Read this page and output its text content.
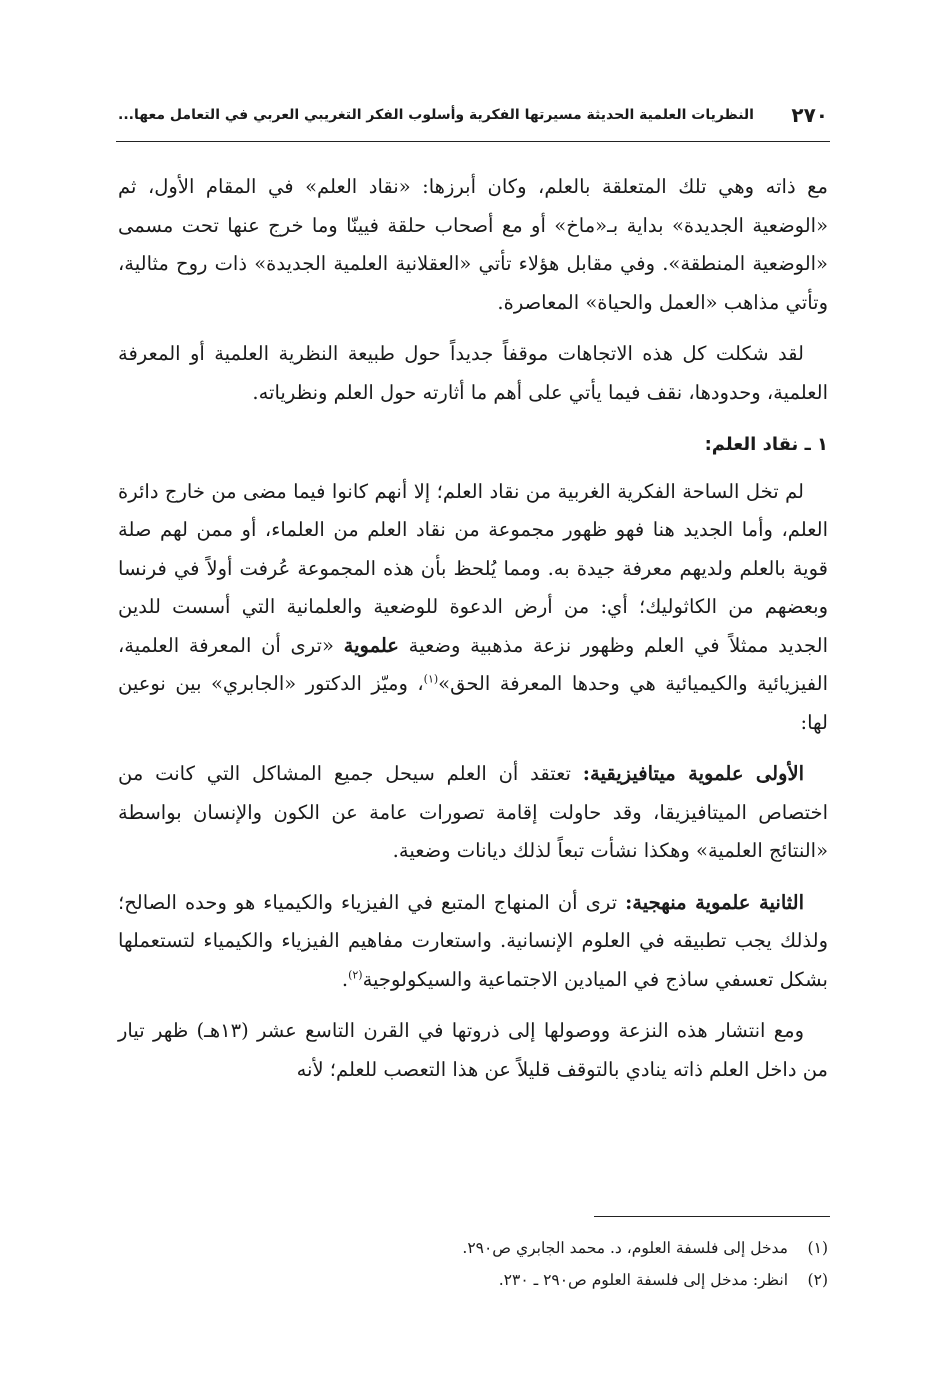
٢٧٠
النظريات العلمية الحديثة مسيرتها الفكرية وأسلوب الفكر التغريبي العربي في التعامل معها...

مع ذاته وهي تلك المتعلقة بالعلم، وكان أبرزها: «نقاد العلم» في المقام الأول، ثم «الوضعية الجديدة» بداية بـ«ماخ» أو مع أصحاب حلقة فيينّا وما خرج عنها تحت مسمى «الوضعية المنطقة». وفي مقابل هؤلاء تأتي «العقلانية العلمية الجديدة» ذات روح مثالية، وتأتي مذاهب «العمل والحياة» المعاصرة.

لقد شكلت كل هذه الاتجاهات موقفاً جديداً حول طبيعة النظرية العلمية أو المعرفة العلمية، وحدودها، نقف فيما يأتي على أهم ما أثارته حول العلم ونظرياته.

١ ـ نقاد العلم:

لم تخل الساحة الفكرية الغربية من نقاد العلم؛ إلا أنهم كانوا فيما مضى من خارج دائرة العلم، وأما الجديد هنا فهو ظهور مجموعة من نقاد العلم من العلماء، أو ممن لهم صلة قوية بالعلم ولديهم معرفة جيدة به. ومما يُلحظ بأن هذه المجموعة عُرفت أولاً في فرنسا وبعضهم من الكاثوليك؛ أي: من أرض الدعوة للوضعية والعلمانية التي أسست للدين الجديد ممثلاً في العلم وظهور نزعة مذهبية وضعية علموية «ترى أن المعرفة العلمية، الفيزيائية والكيميائية هي وحدها المعرفة الحق»$^{(١)}$، وميّز الدكتور «الجابري» بين نوعين لها:

الأولى علموية ميتافيزيقية: تعتقد أن العلم سيحل جميع المشاكل التي كانت من اختصاص الميتافيزيقا، وقد حاولت إقامة تصورات عامة عن الكون والإنسان بواسطة «النتائج العلمية» وهكذا نشأت تبعاً لذلك ديانات وضعية.

الثانية علموية منهجية: ترى أن المنهاج المتبع في الفيزياء والكيمياء هو وحده الصالح؛ ولذلك يجب تطبيقه في العلوم الإنسانية. واستعارت مفاهيم الفيزياء والكيمياء لتستعملها بشكل تعسفي ساذج في الميادين الاجتماعية والسيكولوجية$^{(٢)}$.

ومع انتشار هذه النزعة ووصولها إلى ذروتها في القرن التاسع عشر (١٣هـ) ظهر تيار من داخل العلم ذاته ينادي بالتوقف قليلاً عن هذا التعصب للعلم؛ لأنه

(١)
مدخل إلى فلسفة العلوم، د. محمد الجابري ص٢٩٠.
(٢)
انظر: مدخل إلى فلسفة العلوم ص٢٩٠ ـ ٢٣٠.
